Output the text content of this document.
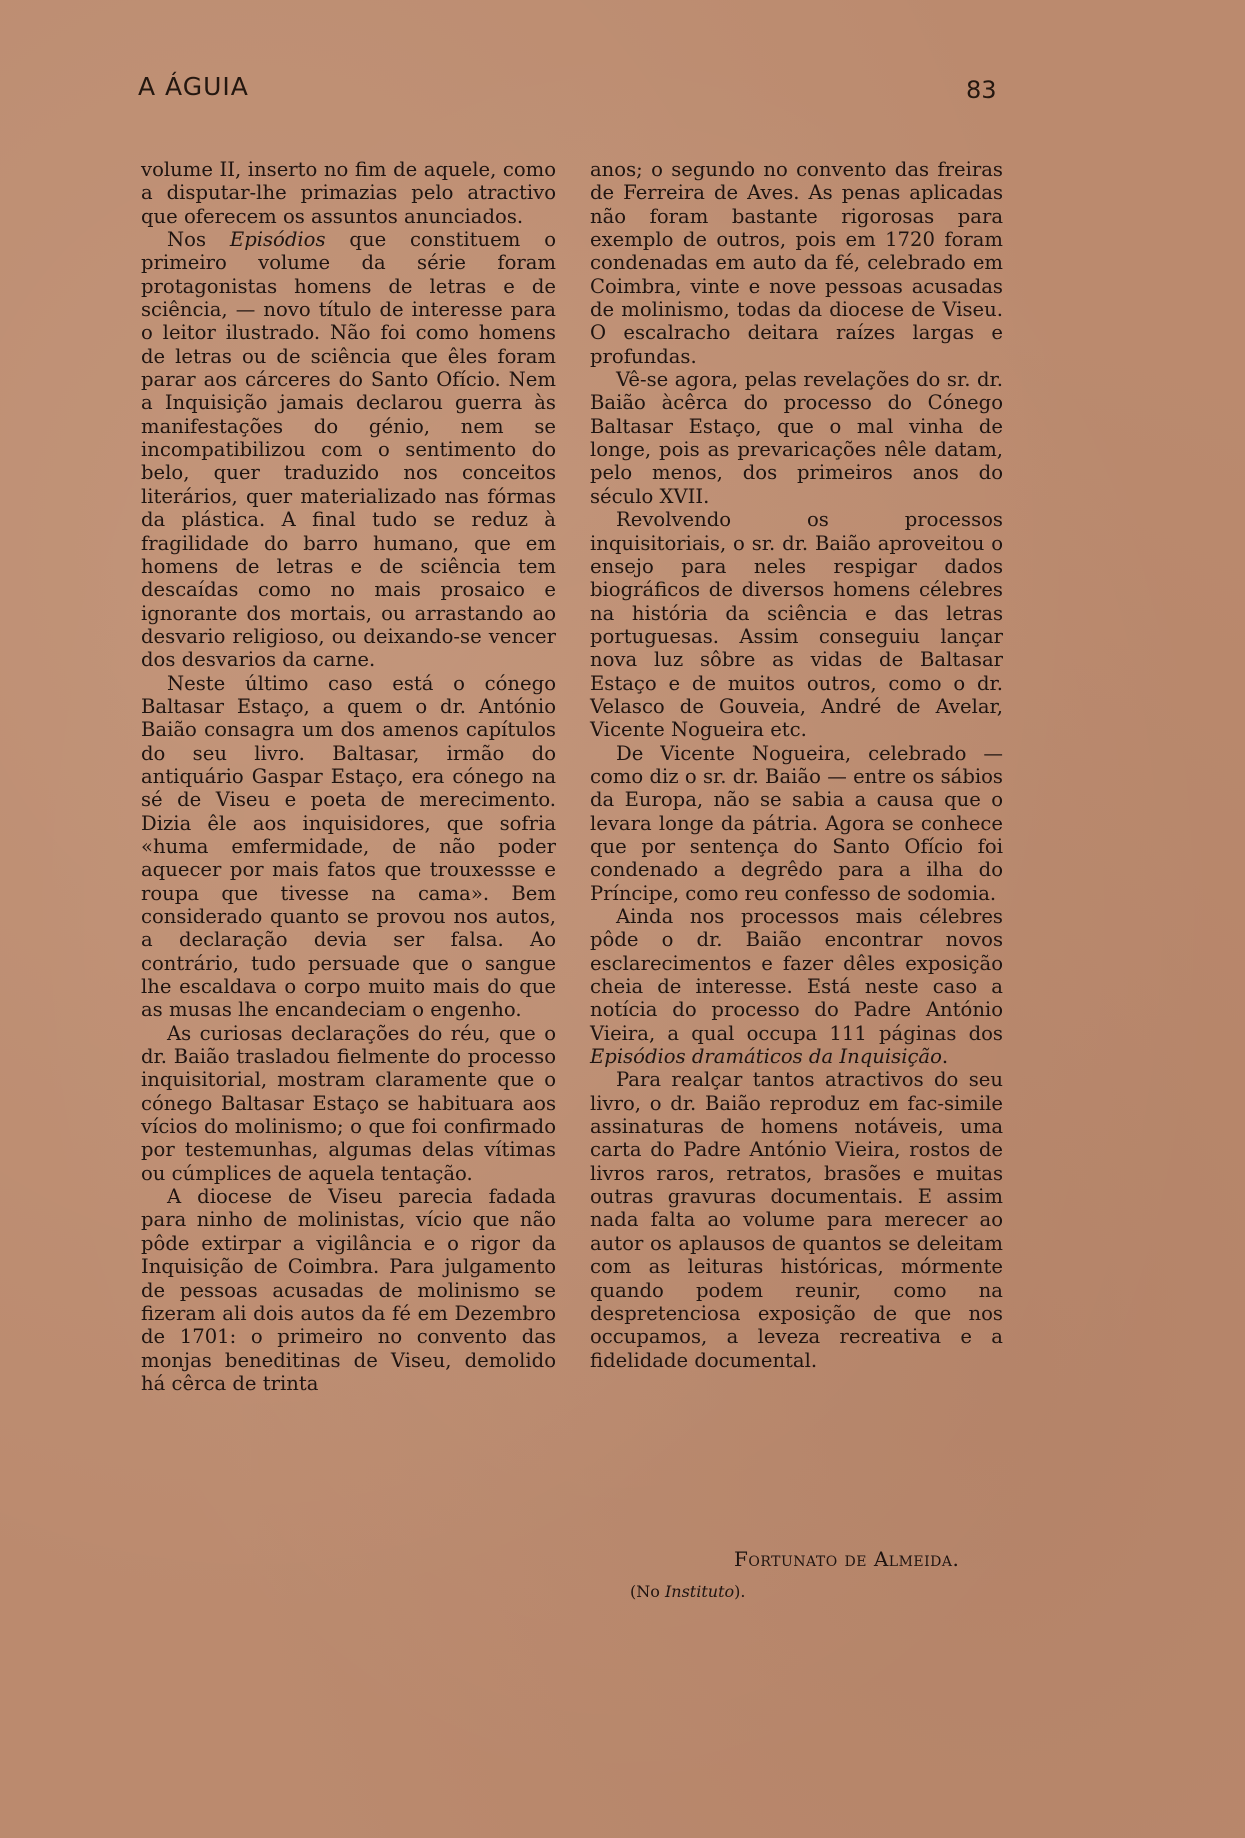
A ÁGUIA	83

volume II, inserto no fim de aquele, como a disputar-lhe primazias pelo atractivo que oferecem os assuntos anunciados.

Nos Episódios que constituem o primeiro volume da série foram protagonistas homens de letras e de sciência, — novo título de interesse para o leitor ilustrado. Não foi como homens de letras ou de sciência que êles foram parar aos cárceres do Santo Ofício. Nem a Inquisição jamais declarou guerra às manifestações do génio, nem se incompatibilizou com o sentimento do belo, quer traduzido nos conceitos literários, quer materializado nas fórmas da plástica. A final tudo se reduz à fragilidade do barro humano, que em homens de letras e de sciência tem descaídas como no mais prosaico e ignorante dos mortais, ou arrastando ao desvario religioso, ou deixando-se vencer dos desvarios da carne.

Neste último caso está o cónego Baltasar Estaço, a quem o dr. António Baião consagra um dos amenos capítulos do seu livro. Baltasar, irmão do antiquário Gaspar Estaço, era cónego na sé de Viseu e poeta de merecimento. Dizia êle aos inquisidores, que sofria «huma emfermidade, de não poder aquecer por mais fatos que trouxessse e roupa que tivesse na cama». Bem considerado quanto se provou nos autos, a declaração devia ser falsa. Ao contrário, tudo persuade que o sangue lhe escaldava o corpo muito mais do que as musas lhe encandeciam o engenho.

As curiosas declarações do réu, que o dr. Baião trasladou fielmente do processo inquisitorial, mostram claramente que o cónego Baltasar Estaço se habituara aos vícios do molinismo; o que foi confirmado por testemunhas, algumas delas vítimas ou cúmplices de aquela tentação.

A diocese de Viseu parecia fadada para ninho de molinistas, vício que não pôde extirpar a vigilância e o rigor da Inquisição de Coimbra. Para julgamento de pessoas acusadas de molinismo se fizeram ali dois autos da fé em Dezembro de 1701: o primeiro no convento das monjas beneditinas de Viseu, demolido há cêrca de trinta

anos; o segundo no convento das freiras de Ferreira de Aves. As penas aplicadas não foram bastante rigorosas para exemplo de outros, pois em 1720 foram condenadas em auto da fé, celebrado em Coimbra, vinte e nove pessoas acusadas de molinismo, todas da diocese de Viseu. O escalracho deitara raízes largas e profundas.

Vê-se agora, pelas revelações do sr. dr. Baião àcêrca do processo do Cónego Baltasar Estaço, que o mal vinha de longe, pois as prevaricações nêle datam, pelo menos, dos primeiros anos do século XVII.

Revolvendo os processos inquisitoriais, o sr. dr. Baião aproveitou o ensejo para neles respigar dados biográficos de diversos homens célebres na história da sciência e das letras portuguesas. Assim conseguiu lançar nova luz sôbre as vidas de Baltasar Estaço e de muitos outros, como o dr. Velasco de Gouveia, André de Avelar, Vicente Nogueira etc.

De Vicente Nogueira, celebrado — como diz o sr. dr. Baião — entre os sábios da Europa, não se sabia a causa que o levara longe da pátria. Agora se conhece que por sentença do Santo Ofício foi condenado a degrêdo para a ilha do Príncipe, como reu confesso de sodomia.

Ainda nos processos mais célebres pôde o dr. Baião encontrar novos esclarecimentos e fazer dêles exposição cheia de interesse. Está neste caso a notícia do processo do Padre António Vieira, a qual occupa 111 páginas dos Episódios dramáticos da Inquisição.

Para realçar tantos atractivos do seu livro, o dr. Baião reproduz em fac-simile assinaturas de homens notáveis, uma carta do Padre António Vieira, rostos de livros raros, retratos, brasões e muitas outras gravuras documentais. E assim nada falta ao volume para merecer ao autor os aplausos de quantos se deleitam com as leituras históricas, mórmente quando podem reunir, como na despretenciosa exposição de que nos occupamos, a leveza recreativa e a fidelidade documental.

Fortunato de Almeida.
(No Instituto).
